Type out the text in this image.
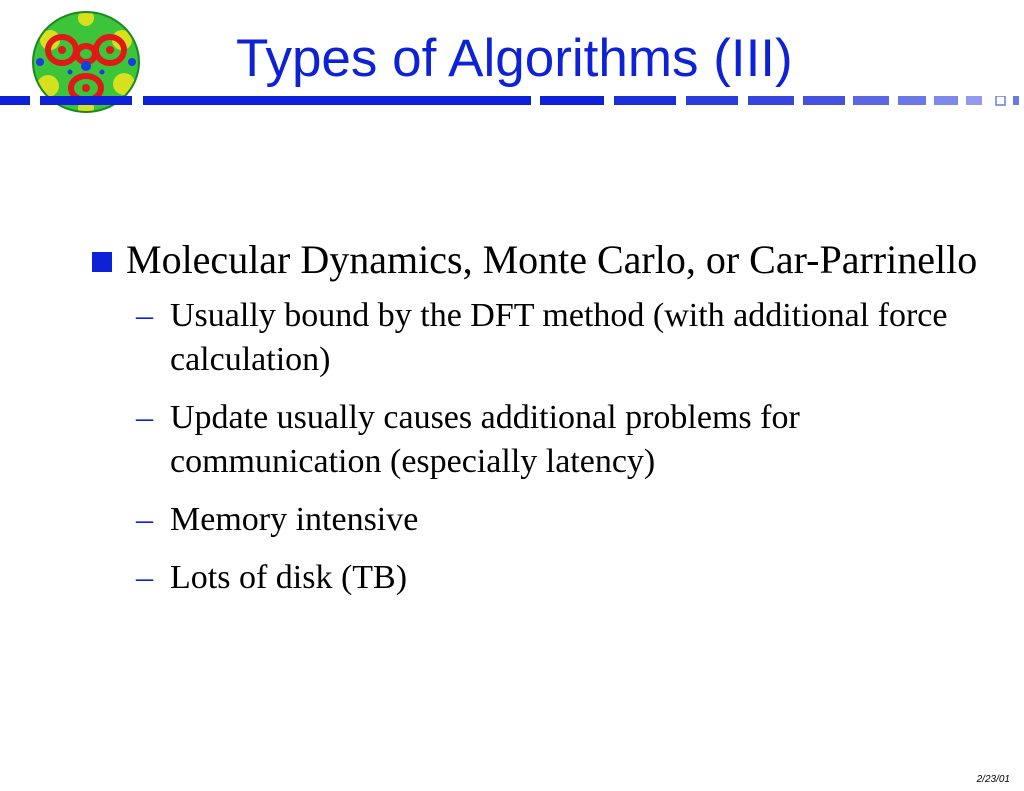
Types of Algorithms (III)
Molecular Dynamics, Monte Carlo, or Car-Parrinello
– Usually bound by the DFT method (with additional force calculation)
– Update usually causes additional problems for communication (especially latency)
– Memory intensive
– Lots of disk (TB)
2/23/01
